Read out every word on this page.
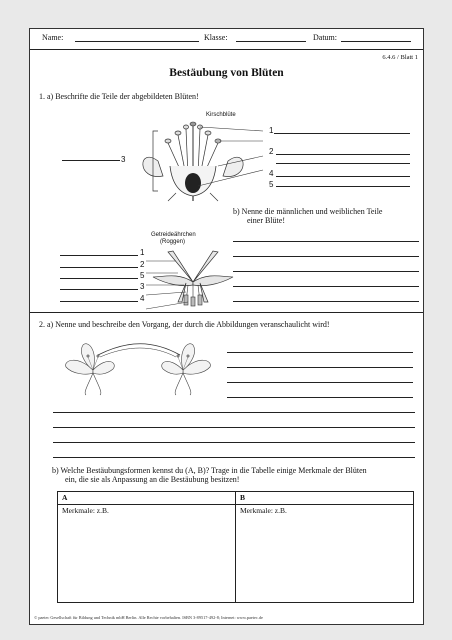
Name:	Klasse:	Datum:
6.4.6 / Blatt 1
Bestäubung von Blüten
1. a) Beschrifte die Teile der abgebildeten Blüten!
Kirschblüte
1
2
3
4
5
b) Nenne die männlichen und weiblichen Teile
einer Blüte!
Getreideährchen
(Roggen)
1
2
5
3
4
2. a) Nenne und beschreibe den Vorgang, der durch die Abbildungen veranschaulicht wird!
b) Welche Bestäubungsformen kennst du (A, B)? Trage in die Tabelle einige Merkmale der Blüten
ein, die sie als Anpassung an die Bestäubung besitzen!
A	B
Merkmale: z.B.	Merkmale: z.B.
© paetec Gesellschaft für Bildung und Technik mbH Berlin. Alle Rechte vorbehalten. ISBN 3-89517-492-8; Internet: www.paetec.de
